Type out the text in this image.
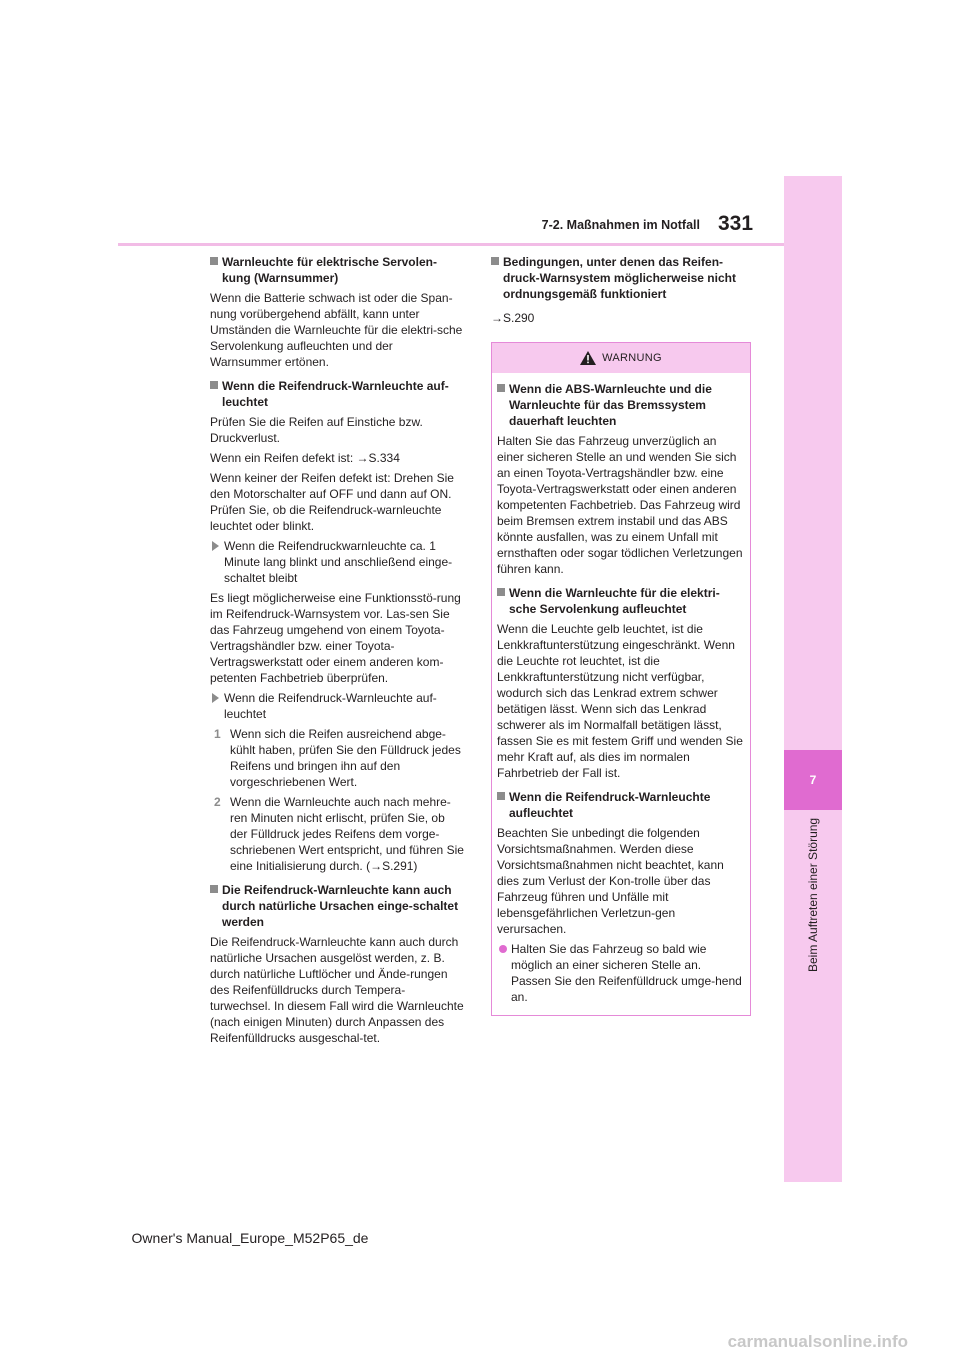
7-2. Maßnahmen im Notfall 331
7
Beim Auftreten einer Störung
Warnleuchte für elektrische Servolen-kung (Warnsummer)

Wenn die Batterie schwach ist oder die Span-nung vorübergehend abfällt, kann unter Umständen die Warnleuchte für die elektri-sche Servolenkung aufleuchten und der Warnsummer ertönen.

Wenn die Reifendruck-Warnleuchte auf-leuchtet

Prüfen Sie die Reifen auf Einstiche bzw. Druckverlust.

Wenn ein Reifen defekt ist: →S.334

Wenn keiner der Reifen defekt ist: Drehen Sie den Motorschalter auf OFF und dann auf ON. Prüfen Sie, ob die Reifendruck-warnleuchte leuchtet oder blinkt.

Wenn die Reifendruckwarnleuchte ca. 1 Minute lang blinkt und anschließend einge-schaltet bleibt

Es liegt möglicherweise eine Funktionsstö-rung im Reifendruck-Warnsystem vor. Las-sen Sie das Fahrzeug umgehend von einem Toyota-Vertragshändler bzw. einer Toyota-Vertragswerkstatt oder einem anderen kom-petenten Fachbetrieb überprüfen.

Wenn die Reifendruck-Warnleuchte auf-leuchtet
1 Wenn sich die Reifen ausreichend abge-kühlt haben, prüfen Sie den Fülldruck jedes Reifens und bringen ihn auf den vorgeschriebenen Wert.
2 Wenn die Warnleuchte auch nach mehre-ren Minuten nicht erlischt, prüfen Sie, ob der Fülldruck jedes Reifens dem vorge-schriebenen Wert entspricht, und führen Sie eine Initialisierung durch. (→S.291)
Die Reifendruck-Warnleuchte kann auch durch natürliche Ursachen einge-schaltet werden

Die Reifendruck-Warnleuchte kann auch durch natürliche Ursachen ausgelöst werden, z. B. durch natürliche Luftlöcher und Ände-rungen des Reifenfülldrucks durch Tempera-turwechsel. In diesem Fall wird die Warnleuchte (nach einigen Minuten) durch Anpassen des Reifenfülldrucks ausgeschal-tet.

Bedingungen, unter denen das Reifen-druck-Warnsystem möglicherweise nicht ordnungsgemäß funktioniert

→S.290

WARNUNG
Wenn die ABS-Warnleuchte und die Warnleuchte für das Bremssystem dauerhaft leuchten

Halten Sie das Fahrzeug unverzüglich an einer sicheren Stelle an und wenden Sie sich an einen Toyota-Vertragshändler bzw. eine Toyota-Vertragswerkstatt oder einen anderen kompetenten Fachbetrieb. Das Fahrzeug wird beim Bremsen extrem instabil und das ABS könnte ausfallen, was zu einem Unfall mit ernsthaften oder sogar tödlichen Verletzungen führen kann.

Wenn die Warnleuchte für die elektri-sche Servolenkung aufleuchtet

Wenn die Leuchte gelb leuchtet, ist die Lenkkraftunterstützung eingeschränkt. Wenn die Leuchte rot leuchtet, ist die Lenkkraftunterstützung nicht verfügbar, wodurch sich das Lenkrad extrem schwer betätigen lässt. Wenn sich das Lenkrad schwerer als im Normalfall betätigen lässt, fassen Sie es mit festem Griff und wenden Sie mehr Kraft auf, als dies im normalen Fahrbetrieb der Fall ist.

Wenn die Reifendruck-Warnleuchte aufleuchtet

Beachten Sie unbedingt die folgenden Vorsichtsmaßnahmen. Werden diese Vorsichtsmaßnahmen nicht beachtet, kann dies zum Verlust der Kon-trolle über das Fahrzeug führen und Unfälle mit lebensgefährlichen Verletzun-gen verursachen.

Halten Sie das Fahrzeug so bald wie möglich an einer sicheren Stelle an. Passen Sie den Reifenfülldruck umge-hend an.
Owner's Manual_Europe_M52P65_de
carmanualsonline.info
